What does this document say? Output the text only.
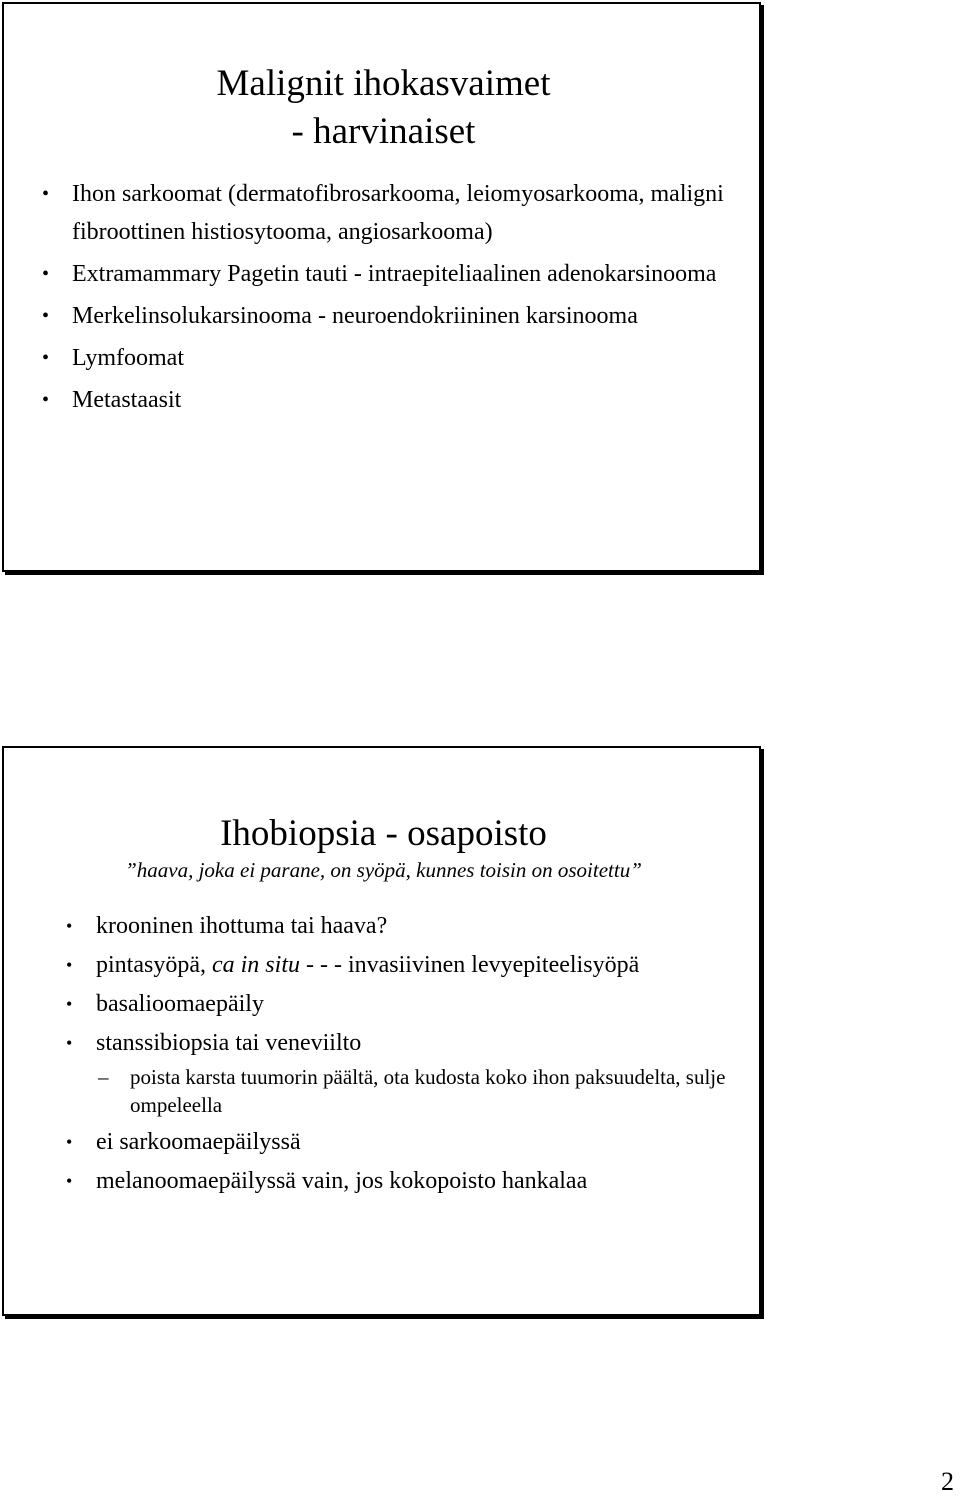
Malignit ihokasvaimet
- harvinaiset
• Ihon sarkoomat (dermatofibrosarkooma, leiomyosarkooma, maligni fibroottinen histiosytooma, angiosarkooma)
• Extramammary Pagetin tauti - intraepiteliaalinen adenokarsinooma
• Merkelinsolukarsinooma - neuroendokriininen karsinooma
• Lymfoomat
• Metastaasit
Ihobiopsia - osapoisto

”haava, joka ei parane, on syöpä, kunnes toisin on osoitettu”

• krooninen ihottuma tai haava?
• pintasyöpä, ca in situ - - - invasiivinen levyepiteelisyöpä
• basalioomaepäily
• stanssibiopsia tai veneviilto
– poista karsta tuumorin päältä, ota kudosta koko ihon paksuudelta, sulje ompeleella
• ei sarkoomaepäilyssä
• melanoomaepäilyssä vain, jos kokopoisto hankalaa
2
